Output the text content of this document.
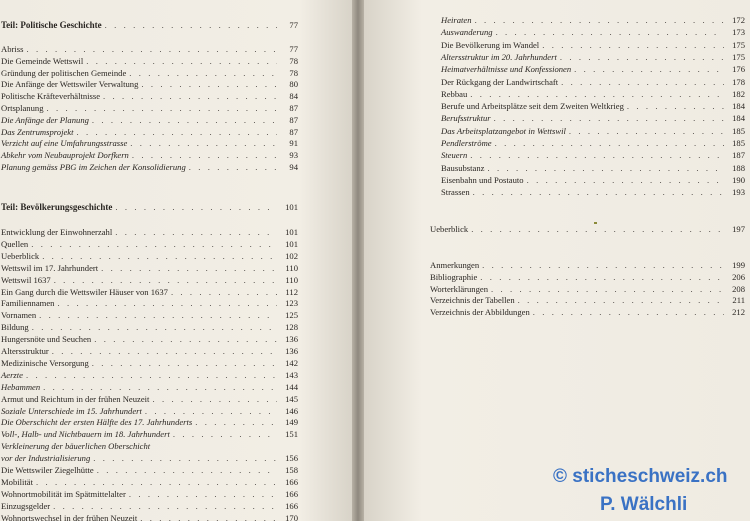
Teil: Politische Geschichte . . .	77
Abriss . . .	77
Die Gemeinde Wettswil . . .	78
Gründung der politischen Gemeinde . . .	78
Die Anfänge der Wettswiler Verwaltung . . .	80
Politische Kräfteverhältnisse . . .	84
Ortsplanung . . .	87
Die Anfänge der Planung . . .	87
Das Zentrumsprojekt . . .	87
Verzicht auf eine Umfahrungsstrasse . . .	91
Abkehr vom Neubauprojekt Dorfkern . . .	93
Planung gemäss PBG im Zeichen der Konsolidierung . . .	94
Teil: Bevölkerungsgeschichte . . .	101
Entwicklung der Einwohnerzahl . . .	101
Quellen . . .	101
Ueberblick . . .	102
Wettswil im 17. Jahrhundert . . .	110
Wettswil 1637 . . .	110
Ein Gang durch die Wettswiler Häuser von 1637 . . .	112
Familiennamen . . .	123
Vornamen . . .	125
Bildung . . .	128
Hungersnöte und Seuchen . . .	136
Altersstruktur . . .	136
Medizinische Versorgung . . .	142
Aerzte . . .	143
Hebammen . . .	144
Armut und Reichtum in der frühen Neuzeit . . .	145
Soziale Unterschiede im 15. Jahrhundert . . .	146
Die Oberschicht der ersten Hälfte des 17. Jahrhunderts . . .	149
Voll-, Halb- und Nichtbauern im 18. Jahrhundert . . .	151
Verkleinerung der bäuerlichen Oberschicht
vor der Industrialisierung . . .	156
Die Wettswiler Ziegelhütte . . .	158
Mobilität . . .	166
Wohnortmobilität im Spätmittelalter . . .	166
Einzugsgelder . . .	166
Wohnortswechsel in der frühen Neuzeit . . .	170
Heiraten . . .	172
Auswanderung . . .	173
Die Bevölkerung im Wandel . . .	175
Altersstruktur im 20. Jahrhundert . . .	175
Heimatverhältnisse und Konfessionen . . .	176
Der Rückgang der Landwirtschaft . . .	178
Rebbau . . .	182
Berufe und Arbeitsplätze seit dem Zweiten Weltkrieg . . .	184
Berufsstruktur . . .	184
Das Arbeitsplatzangebot in Wettswil . . .	185
Pendlerströme . . .	185
Steuern . . .	187
Bausubstanz . . .	188
Eisenbahn und Postauto . . .	190
Strassen . . .	193
Ueberblick . . .	197
Anmerkungen . . .	199
Bibliographie . . .	206
Worterklärungen . . .	208
Verzeichnis der Tabellen . . .	211
Verzeichnis der Abbildungen . . .	212
© sticheschweiz.ch
P. Wälchli
